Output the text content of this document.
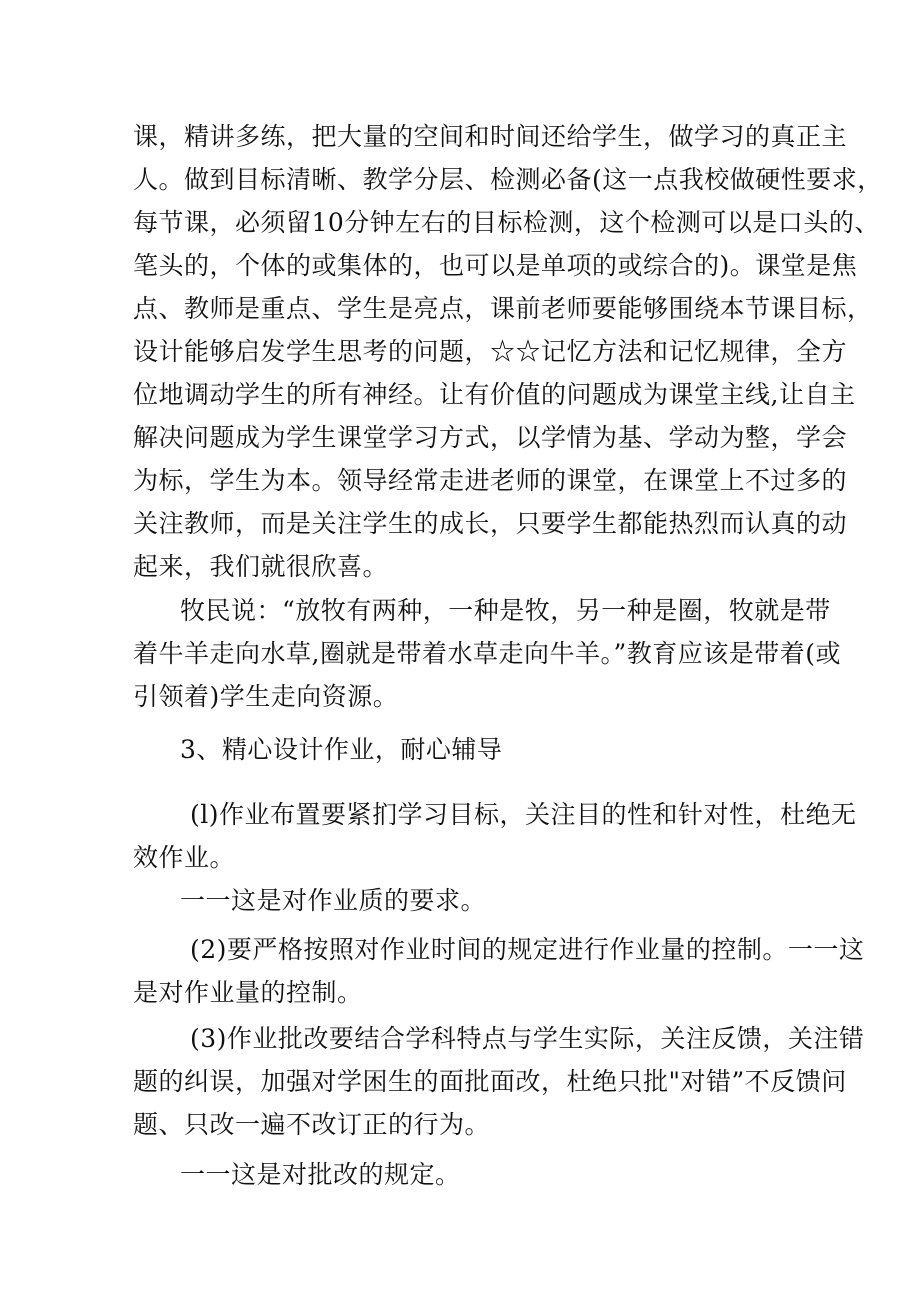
课，精讲多练，把大量的空间和时间还给学生，做学习的真正主
人。做到目标清晰、教学分层、检测必备(这一点我校做硬性要求，
每节课，必须留10分钟左右的目标检测，这个检测可以是口头的、
笔头的，个体的或集体的，也可以是单项的或综合的)。课堂是焦
点、教师是重点、学生是亮点，课前老师要能够围绕本节课目标，
设计能够启发学生思考的问题，☆☆记忆方法和记忆规律，全方
位地调动学生的所有神经。让有价值的问题成为课堂主线,让自主
解决问题成为学生课堂学习方式，以学情为基、学动为整，学会
为标，学生为本。领导经常走进老师的课堂，在课堂上不过多的
关注教师，而是关注学生的成长，只要学生都能热烈而认真的动
起来，我们就很欣喜。
牧民说：“放牧有两种，一种是牧，另一种是圈，牧就是带
着牛羊走向水草,圈就是带着水草走向牛羊。”教育应该是带着(或
引领着)学生走向资源。
3、精心设计作业，耐心辅导
(l)作业布置要紧扪学习目标，关注目的性和针对性，杜绝无
效作业。
一一这是对作业质的要求。
(2)要严格按照对作业时间的规定进行作业量的控制。一一这
是对作业量的控制。
(3)作业批改要结合学科特点与学生实际，关注反馈，关注错
题的纠误，加强对学困生的面批面改，杜绝只批"对错”不反馈问
题、只改一遍不改订正的行为。
一一这是对批改的规定。
